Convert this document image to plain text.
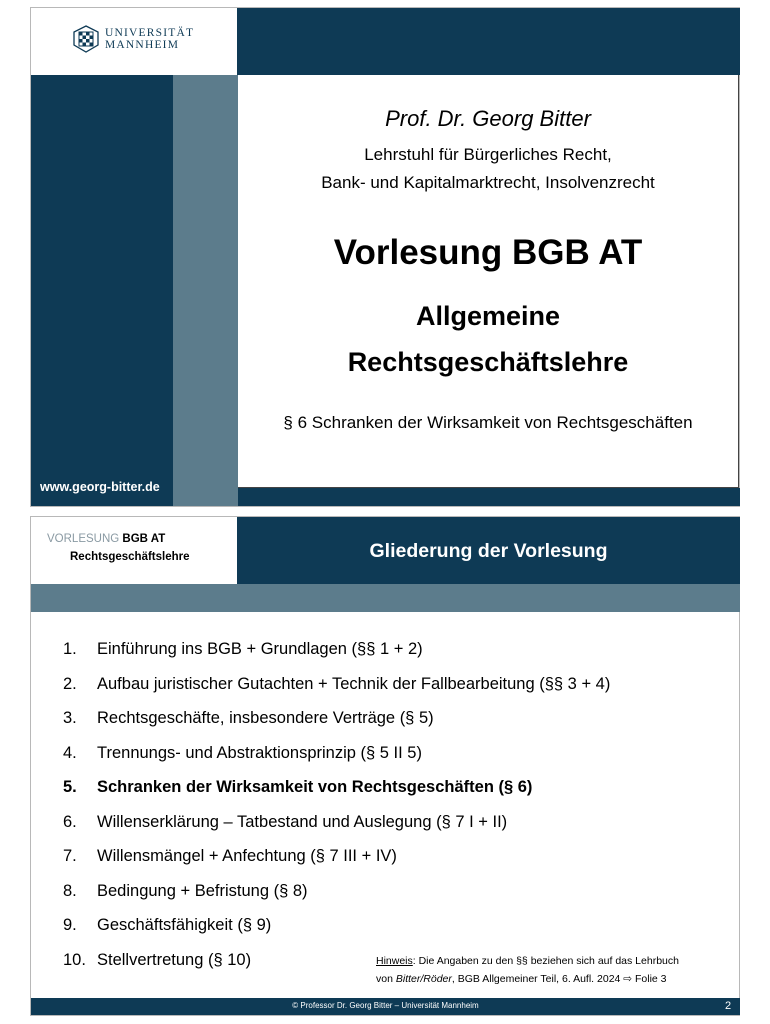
UNIVERSITÄT
MANNHEIM
Prof. Dr. Georg Bitter
Lehrstuhl für Bürgerliches Recht,
Bank- und Kapitalmarktrecht, Insolvenzrecht
Vorlesung BGB AT
Allgemeine
Rechtsgeschäftslehre
§ 6 Schranken der Wirksamkeit von Rechtsgeschäften
www.georg-bitter.de
VORLESUNG BGB AT
Rechtsgeschäftslehre	Gliederung der Vorlesung
1. Einführung ins BGB + Grundlagen (§§ 1 + 2)
2. Aufbau juristischer Gutachten + Technik der Fallbearbeitung (§§ 3 + 4)
3. Rechtsgeschäfte, insbesondere Verträge (§ 5)
4. Trennungs- und Abstraktionsprinzip (§ 5 II 5)
5. Schranken der Wirksamkeit von Rechtsgeschäften (§ 6)
6. Willenserklärung – Tatbestand und Auslegung (§ 7 I + II)
7. Willensmängel + Anfechtung (§ 7 III + IV)
8. Bedingung + Befristung (§ 8)
9. Geschäftsfähigkeit (§ 9)
10. Stellvertretung (§ 10)	Hinweis: Die Angaben zu den §§ beziehen sich auf das Lehrbuch
von Bitter/Röder, BGB Allgemeiner Teil, 6. Aufl. 2024 ⇨ Folie 3
© Professor Dr. Georg Bitter – Universität Mannheim	2
